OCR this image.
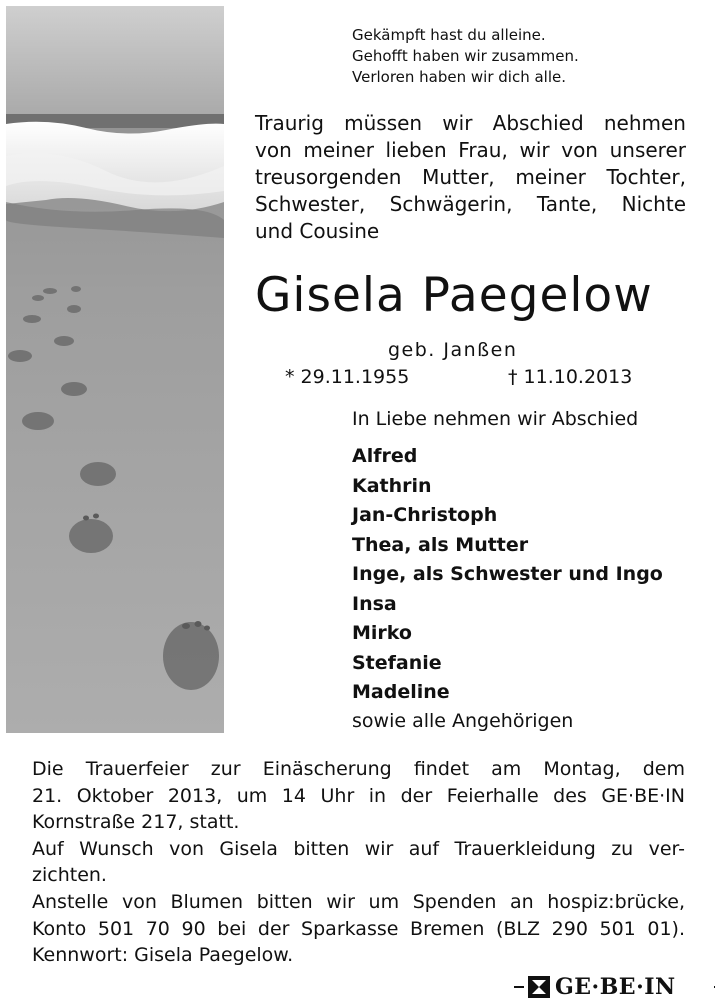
Gekämpft hast du alleine.
Gehofft haben wir zusammen.
Verloren haben wir dich alle.
Traurig müssen wir Abschied nehmen
von meiner lieben Frau, wir von unserer
treusorgenden Mutter, meiner Tochter,
Schwester, Schwägerin, Tante, Nichte
und Cousine
Gisela Paegelow
geb. Janßen
* 29.11.1955	† 11.10.2013
In Liebe nehmen wir Abschied
Alfred
Kathrin
Jan-Christoph
Thea, als Mutter
Inge, als Schwester und Ingo
Insa
Mirko
Stefanie
Madeline
sowie alle Angehörigen
Die Trauerfeier zur Einäscherung findet am Montag, dem
21. Oktober 2013, um 14 Uhr in der Feierhalle des GE·BE·IN
Kornstraße 217, statt.
Auf Wunsch von Gisela bitten wir auf Trauerkleidung zu ver-
zichten.
Anstelle von Blumen bitten wir um Spenden an hospiz:brücke,
Konto 501 70 90 bei der Sparkasse Bremen (BLZ 290 501 01).
Kennwort: Gisela Paegelow.
GE·BE·IN
